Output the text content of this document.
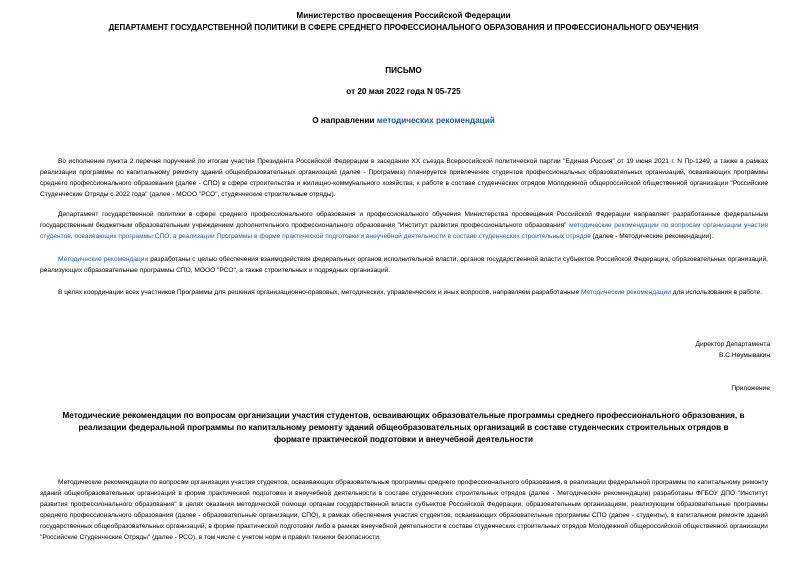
Министерство просвещения Российской Федерации
ДЕПАРТАМЕНТ ГОСУДАРСТВЕННОЙ ПОЛИТИКИ В СФЕРЕ СРЕДНЕГО ПРОФЕССИОНАЛЬНОГО ОБРАЗОВАНИЯ И ПРОФЕССИОНАЛЬНОГО ОБУЧЕНИЯ
ПИСЬМО
от 20 мая 2022 года N 05-725
О направлении методических рекомендаций

Во исполнение пункта 2 перечня поручений по итогам участия Президента Российской Федерации в заседании XX съезда Всероссийской политической партии "Единая Россия" от 19 июня 2021 г. N Пр-1249, а также в рамках реализации программы по капитальному ремонту зданий общеобразовательных организаций (далее - Программа) планируется привлечение студентов профессиональных образовательных организаций, осваивающих программы среднего профессионального образования (далее - СПО) в сфере строительства и жилищно-коммунального хозяйства, к работе в составе студенческих отрядов Молодежной общероссийской общественной организации "Российские Студенческие Отряды с 2022 года" (далее - МООО "РСО", студенческие строительные отряды).

Департамент государственной политики в сфере среднего профессионального образования и профессионального обучения Министерства просвещения Российской Федерации направляет разработанные федеральным государственным бюджетным образовательным учреждением дополнительного профессионального образования "Институт развития профессионального образования" методические рекомендации по вопросам организации участия студентов, осваивающих программы СПО, в реализации Программы в форме практической подготовки и внеучебной деятельности в составе студенческих строительных отрядов (далее - Методические рекомендации).

Методические рекомендации разработаны с целью обеспечения взаимодействия федеральных органов исполнительной власти, органов государственной власти субъектов Российской Федерации, образовательных организаций, реализующих образовательные программы СПО, МООО "РСО", а также строительных и подрядных организаций.

В целях координации всех участников Программы для решения организационно-правовых, методических, управленческих и иных вопросов, направляем разработанные Методические рекомендации для использования в работе.

Директор Департамента
В.С.Неумывакин
Приложение
Методические рекомендации по вопросам организации участия студентов, осваивающих образовательные программы среднего профессионального образования, в реализации федеральной программы по капитальному ремонту зданий общеобразовательных организаций в составе студенческих строительных отрядов в формате практической подготовки и внеучебной деятельности

Методические рекомендации по вопросам организации участия студентов, осваивающих образовательные программы среднего профессионального образования, в реализации федеральной программы по капитальному ремонту зданий общеобразовательных организаций в форме практической подготовки и внеучебной деятельности в составе студенческих строительных отрядов (далее - Методические рекомендации) разработаны ФГБОУ ДПО "Институт развития профессионального образования" в целях оказания методической помощи органам государственной власти субъектов Российской Федерации, образовательным организациям, реализующим образовательные программы среднего профессионального образования (далее - образовательные организации, СПО), в рамках обеспечения участия студентов, осваивающих образовательные программы СПО (далее - студенты), в капитальном ремонте зданий государственных общеобразовательных организаций, в форме практической подготовки либо в рамках внеучебной деятельности в составе студенческих строительных отрядов Молодежной общероссийской общественной организации "Российские Студенческие Отряды" (далее - РСО), в том числе с учетом норм и правил техники безопасности.
